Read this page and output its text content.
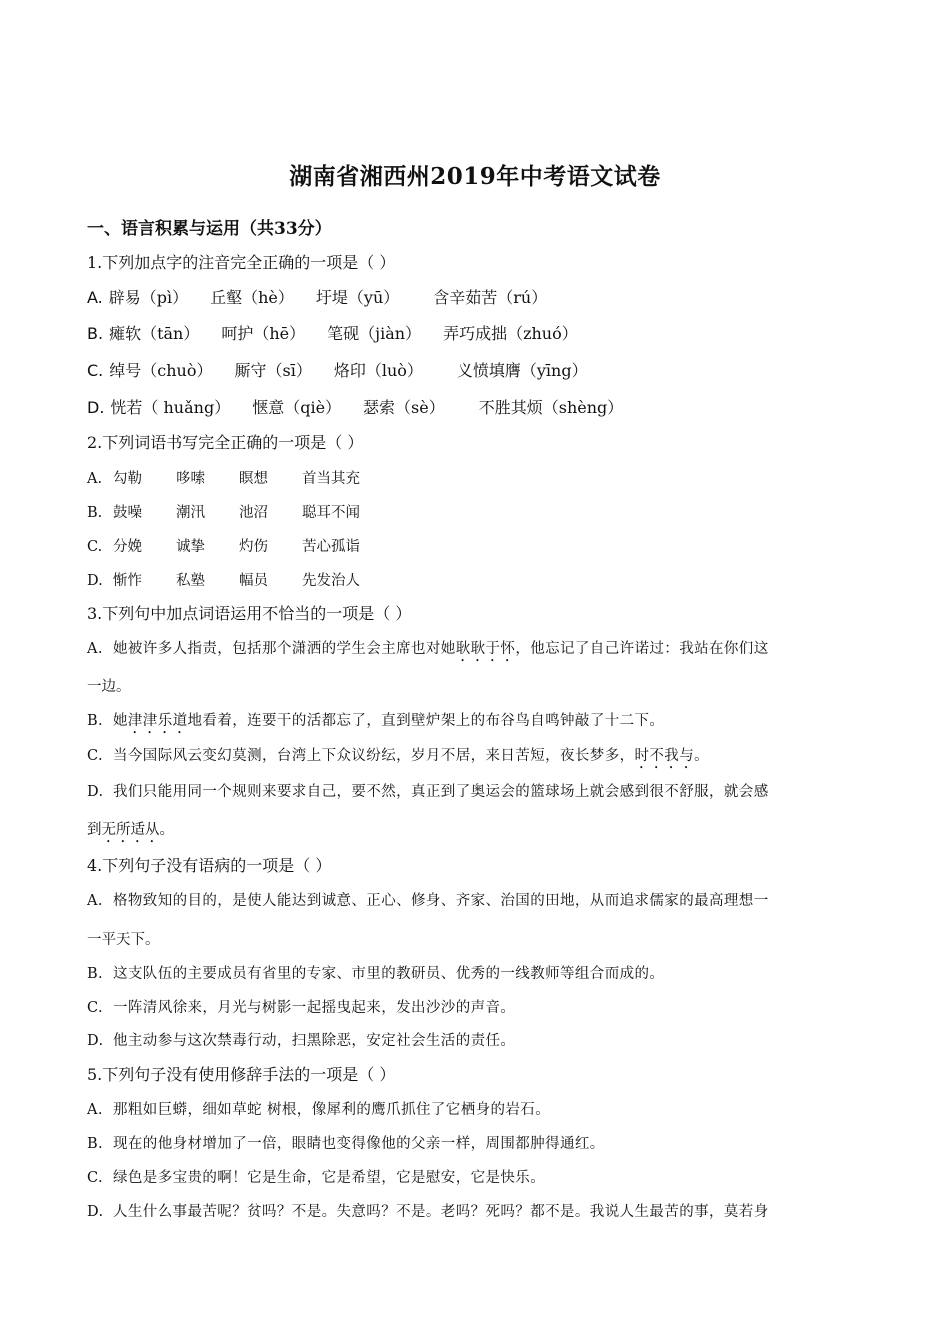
湖南省湘西州2019年中考语文试卷
一、语言积累与运用（共33分）
1.下列加点字的注音完全正确的一项是（ ）
A. 辟易（pì） 丘壑（hè） 圩堤（yū） 含辛茹苦（rú）
B. 瘫软（tān） 呵护（hē） 笔砚（jiàn） 弄巧成拙（zhuó）
C. 绰号（chuò） 厮守（sī） 烙印（luò） 义愤填膺（yīng）
D. 恍若（ huǎng） 惬意（qiè） 瑟索（sè） 不胜其烦（shèng）
2.下列词语书写完全正确的一项是（ ）
A. 勾勒 哆嗦 瞑想 首当其充
B. 鼓噪 潮汛 池沼 聪耳不闻
C. 分娩 诚挚 灼伤 苦心孤诣
D. 惭怍 私塾 幅员 先发治人
3.下列句中加点词语运用不恰当的一项是（ ）
A. 她被许多人指责，包括那个潇洒的学生会主席也对她耿耿于怀，他忘记了自己许诺过：我站在你们这
一边。
B. 她津津乐道地看着，连要干的活都忘了，直到壁炉架上的布谷鸟自鸣钟敲了十二下。
C. 当今国际风云变幻莫测，台湾上下众议纷纭，岁月不居，来日苦短，夜长梦多，时不我与。
D. 我们只能用同一个规则来要求自己，要不然，真正到了奥运会的篮球场上就会感到很不舒服，就会感
到无所适从。
4.下列句子没有语病的一项是（ ）
A. 格物致知的目的，是使人能达到诚意、正心、修身、齐家、治国的田地，从而追求儒家的最高理想一
一平天下。
B. 这支队伍的主要成员有省里的专家、市里的教研员、优秀的一线教师等组合而成的。
C. 一阵清风徐来，月光与树影一起摇曳起来，发出沙沙的声音。
D. 他主动参与这次禁毒行动，扫黑除恶，安定社会生活的责任。
5.下列句子没有使用修辞手法的一项是（ ）
A. 那粗如巨蟒，细如草蛇 树根，像犀利的鹰爪抓住了它栖身的岩石。
B. 现在的他身材增加了一倍，眼睛也变得像他的父亲一样，周围都肿得通红。
C. 绿色是多宝贵的啊！它是生命，它是希望，它是慰安，它是快乐。
D. 人生什么事最苦呢？贫吗？不是。失意吗？不是。老吗？死吗？都不是。我说人生最苦的事，莫若身
